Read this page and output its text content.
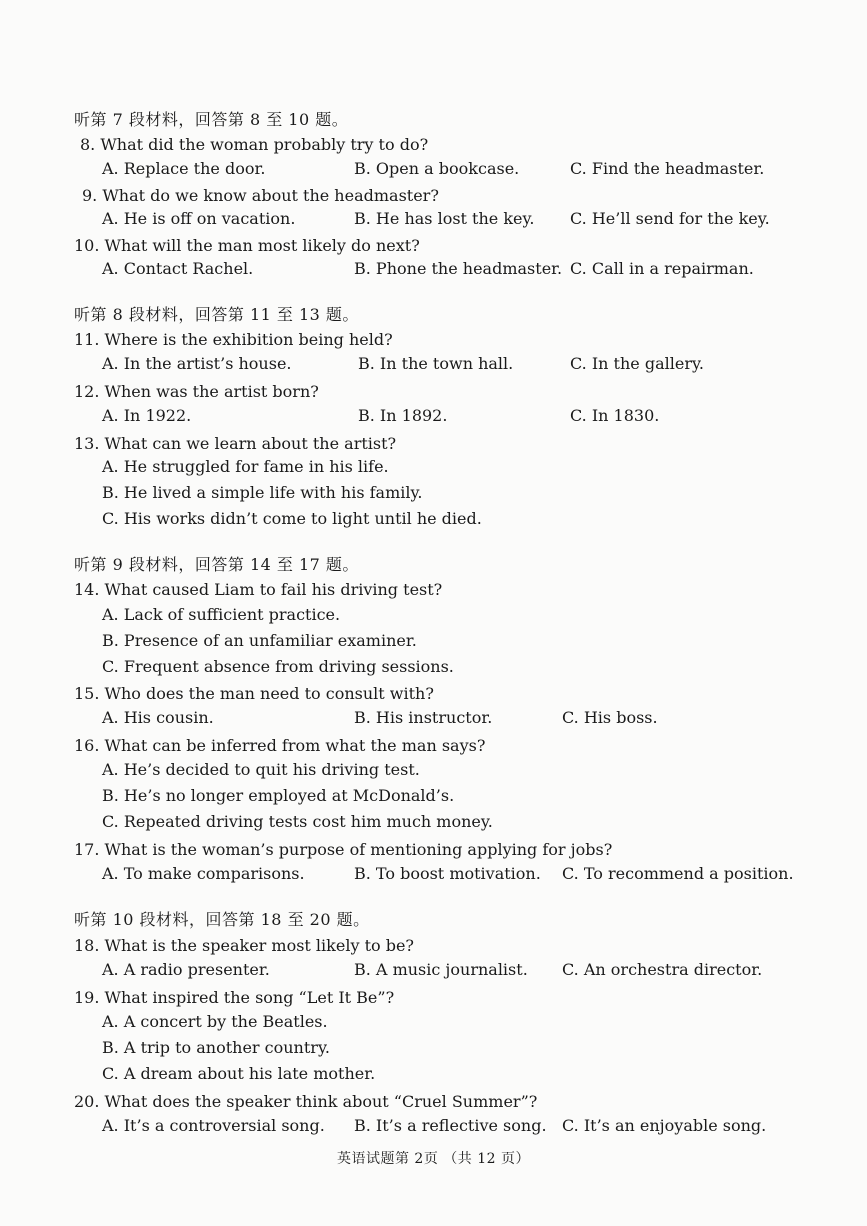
听第 7 段材料，回答第 8 至 10 题。
8. What did the woman probably try to do?
A. Replace the door.	B. Open a bookcase.	C. Find the headmaster.
9. What do we know about the headmaster?
A. He is off on vacation.	B. He has lost the key. C. He’ll send for the key.
10. What will the man most likely do next?
A. Contact Rachel.	B. Phone the headmaster. C. Call in a repairman.
听第 8 段材料，回答第 11 至 13 题。
11. Where is the exhibition being held?
A. In the artist’s house.	B. In the town hall.	C. In the gallery.
12. When was the artist born?
A. In 1922.	B. In 1892.	C. In 1830.
13. What can we learn about the artist?
A. He struggled for fame in his life.
B. He lived a simple life with his family.
C. His works didn’t come to light until he died.
听第 9 段材料，回答第 14 至 17 题。
14. What caused Liam to fail his driving test?
A. Lack of sufficient practice.
B. Presence of an unfamiliar examiner.
C. Frequent absence from driving sessions.
15. Who does the man need to consult with?
A. His cousin.	B. His instructor.	C. His boss.
16. What can be inferred from what the man says?
A. He’s decided to quit his driving test.
B. He’s no longer employed at McDonald’s.
C. Repeated driving tests cost him much money.
17. What is the woman’s purpose of mentioning applying for jobs?
A. To make comparisons.	B. To boost motivation. C. To recommend a position.
听第 10 段材料，回答第 18 至 20 题。
18. What is the speaker most likely to be?
A. A radio presenter.	B. A music journalist. C. An orchestra director.
19. What inspired the song “Let It Be”?
A. A concert by the Beatles.
B. A trip to another country.
C. A dream about his late mother.
20. What does the speaker think about “Cruel Summer”?
A. It’s a controversial song. B. It’s a reflective song. C. It’s an enjoyable song.
英语试题第 2页 （共 12 页）
